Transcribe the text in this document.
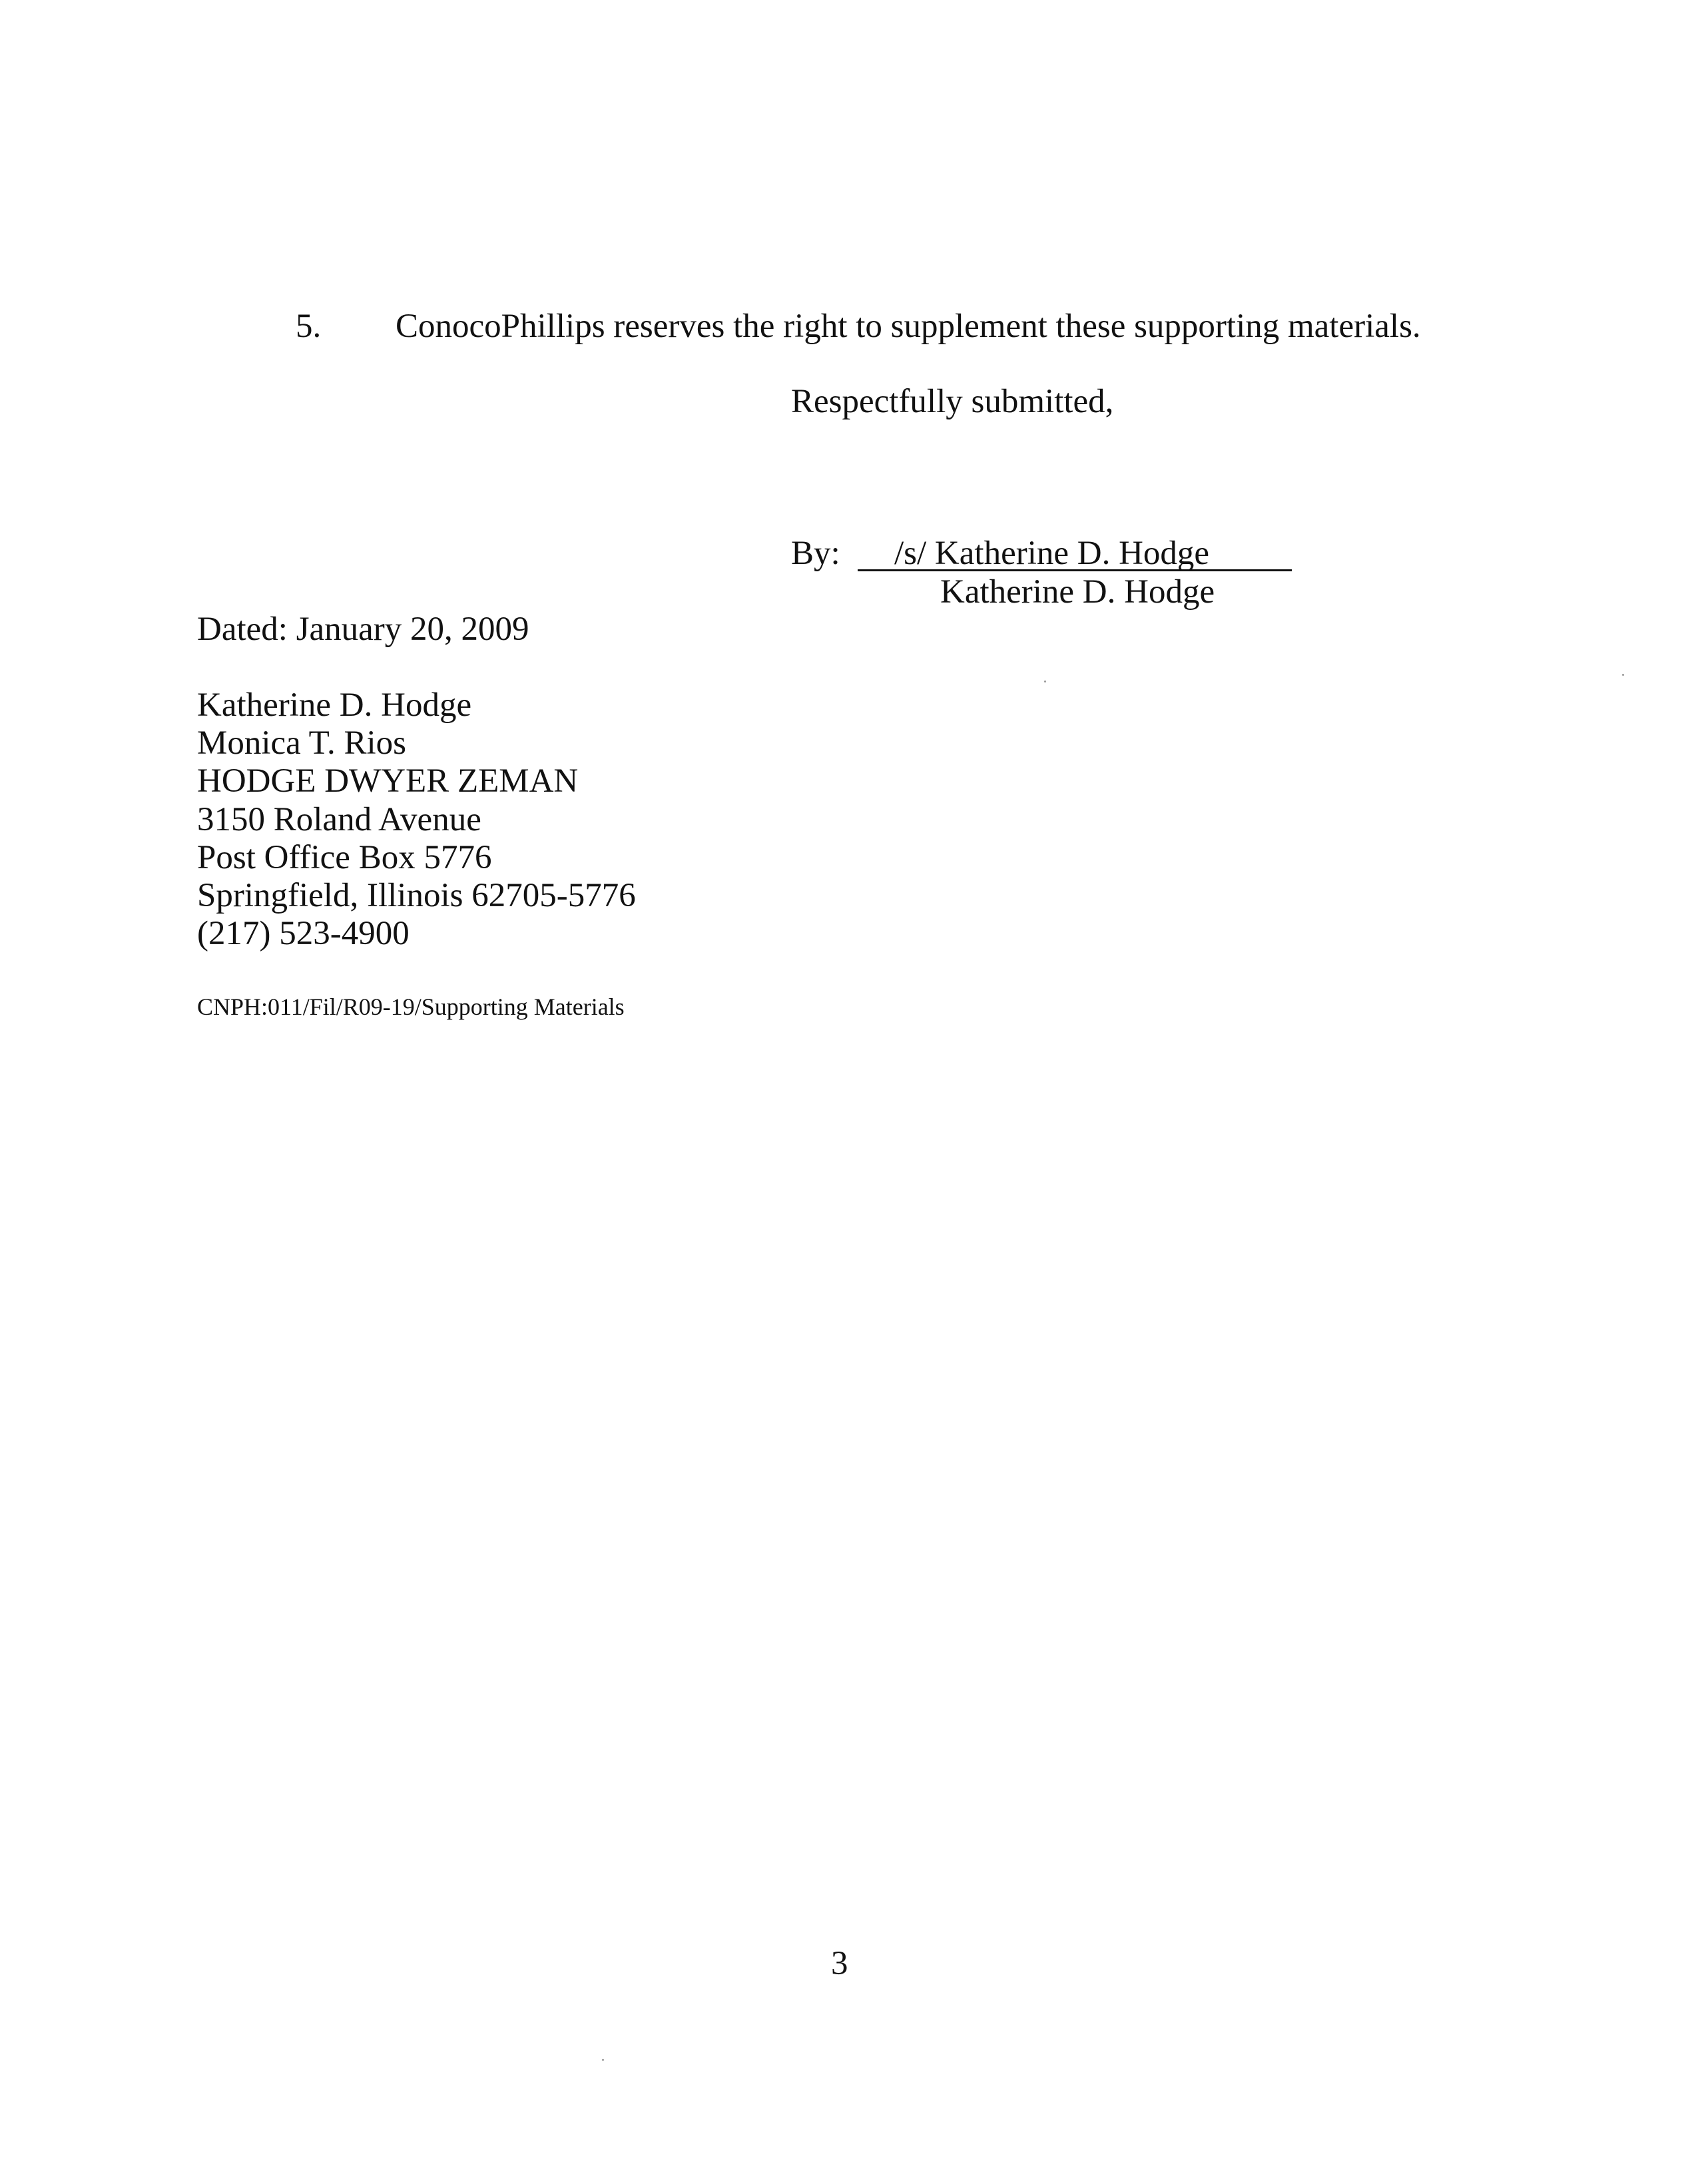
5. ConocoPhillips reserves the right to supplement these supporting materials.
Respectfully submitted,
By: /s/ Katherine D. Hodge
Katherine D. Hodge
Dated: January 20, 2009
Katherine D. Hodge
Monica T. Rios
HODGE DWYER ZEMAN
3150 Roland Avenue
Post Office Box 5776
Springfield, Illinois 62705-5776
(217) 523-4900
CNPH:011/Fil/R09-19/Supporting Materials
3
